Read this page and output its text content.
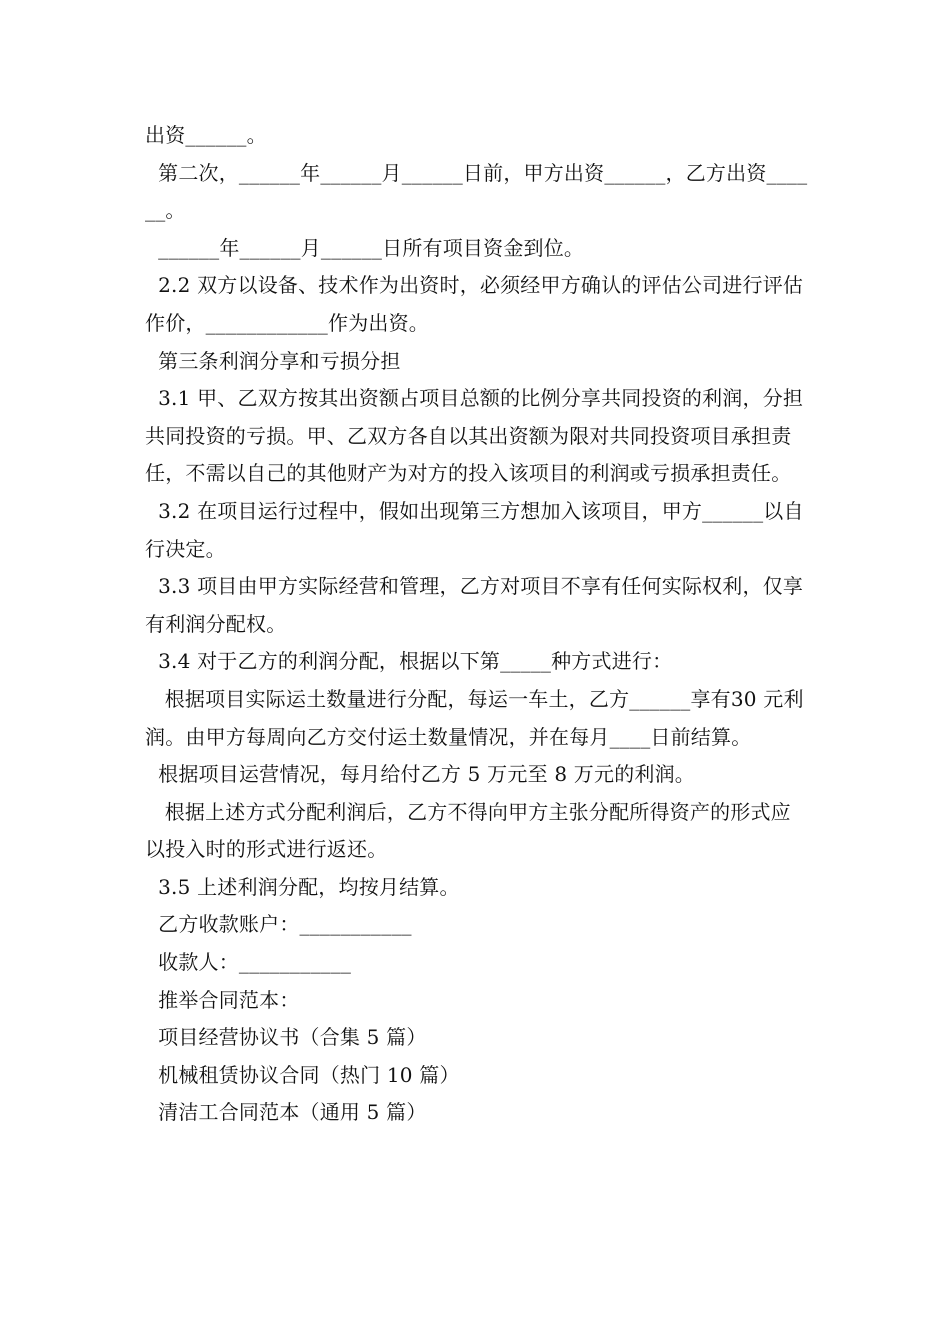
出资______。

第二次，______年______月______日前，甲方出资______，乙方出资______。

______年______月______日所有项目资金到位。

2.2 双方以设备、技术作为出资时，必须经甲方确认的评估公司进行评估作价，____________作为出资。

第三条利润分享和亏损分担

3.1 甲、乙双方按其出资额占项目总额的比例分享共同投资的利润，分担共同投资的亏损。甲、乙双方各自以其出资额为限对共同投资项目承担责任，不需以自己的其他财产为对方的投入该项目的利润或亏损承担责任。

3.2 在项目运行过程中，假如出现第三方想加入该项目，甲方______以自行决定。

3.3 项目由甲方实际经营和管理，乙方对项目不享有任何实际权利，仅享有利润分配权。

3.4 对于乙方的利润分配，根据以下第_____种方式进行：

根据项目实际运土数量进行分配，每运一车土，乙方______享有30 元利润。由甲方每周向乙方交付运土数量情况，并在每月____日前结算。

根据项目运营情况，每月给付乙方 5 万元至 8 万元的利润。

根据上述方式分配利润后，乙方不得向甲方主张分配所得资产的形式应以投入时的形式进行返还。

3.5 上述利润分配，均按月结算。

乙方收款账户：___________

收款人：___________

推举合同范本：

项目经营协议书（合集 5 篇）

机械租赁协议合同（热门 10 篇）

清洁工合同范本（通用 5 篇）
